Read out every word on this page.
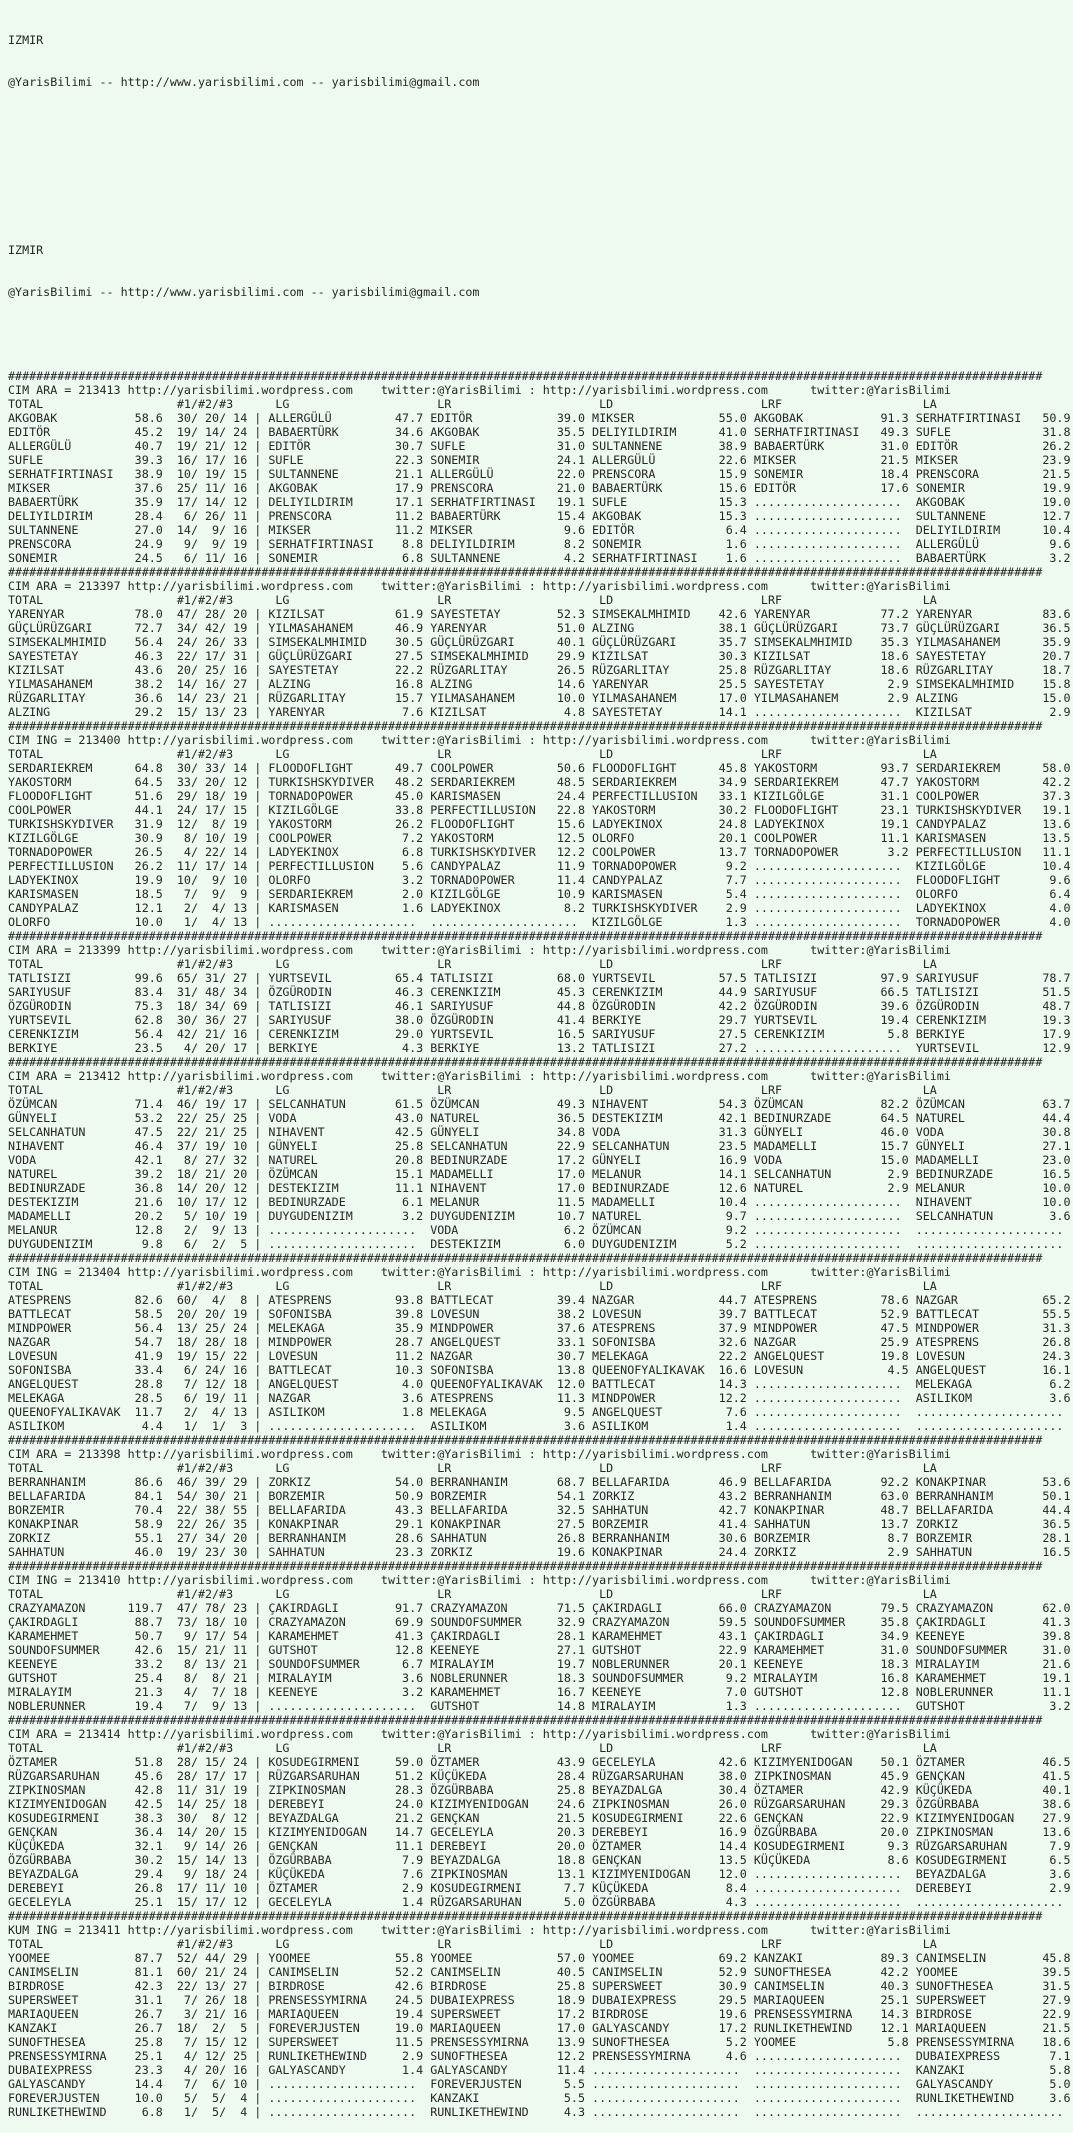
IZMIR

@YarisBilimi -- http://www.yarisbilimi.com -- yarisbilimi@gmail.com

IZMIR

@YarisBilimi -- http://www.yarisbilimi.com -- yarisbilimi@gmail.com

###################################################################################################################################################
CIM ARA = 213413 http://yarisbilimi.wordpress.com    twitter:@YarisBilimi : http://yarisbilimi.wordpress.com      twitter:@YarisBilimi
TOTAL                   #1/#2/#3      LG                     LR                     LD                     LRF                    LA
AKGOBAK           58.6  30/ 20/ 14 | ALLERGÜLÜ         47.7 EDITÖR            39.0 MIKSER            55.0 AKGOBAK           91.3 SERHATFIRTINASI   50.9
EDITÖR            45.2  19/ 14/ 24 | BABAERTÜRK        34.6 AKGOBAK           35.5 DELIYILDIRIM      41.0 SERHATFIRTINASI   49.3 SUFLE             31.8
ALLERGÜLÜ         40.7  19/ 21/ 12 | EDITÖR            30.7 SUFLE             31.0 SULTANNENE        38.9 BABAERTÜRK        31.0 EDITÖR            26.2
SUFLE             39.3  16/ 17/ 16 | SUFLE             22.3 SONEMIR           24.1 ALLERGÜLÜ         22.6 MIKSER            21.5 MIKSER            23.9
SERHATFIRTINASI   38.9  10/ 19/ 15 | SULTANNENE        21.1 ALLERGÜLÜ         22.0 PRENSCORA         15.9 SONEMIR           18.4 PRENSCORA         21.5
MIKSER            37.6  25/ 11/ 16 | AKGOBAK           17.9 PRENSCORA         21.0 BABAERTÜRK        15.6 EDITÖR            17.6 SONEMIR           19.9
BABAERTÜRK        35.9  17/ 14/ 12 | DELIYILDIRIM      17.1 SERHATFIRTINASI   19.1 SUFLE             15.3 .....................  AKGOBAK           19.0
DELIYILDIRIM      28.4   6/ 26/ 11 | PRENSCORA         11.2 BABAERTÜRK        15.4 AKGOBAK           15.3 .....................  SULTANNENE        12.7
SULTANNENE        27.0  14/  9/ 16 | MIKSER            11.2 MIKSER             9.6 EDITÖR             6.4 .....................  DELIYILDIRIM      10.4
PRENSCORA         24.9   9/  9/ 19 | SERHATFIRTINASI    8.8 DELIYILDIRIM       8.2 SONEMIR            1.6 .....................  ALLERGÜLÜ          9.6
SONEMIR           24.5   6/ 11/ 16 | SONEMIR            6.8 SULTANNENE         4.2 SERHATFIRTINASI    1.6 .....................  BABAERTÜRK         3.2
###################################################################################################################################################
CIM ARA = 213397 http://yarisbilimi.wordpress.com    twitter:@YarisBilimi : http://yarisbilimi.wordpress.com      twitter:@YarisBilimi
TOTAL                   #1/#2/#3      LG                     LR                     LD                     LRF                    LA
YARENYAR          78.0  47/ 28/ 20 | KIZILSAT          61.9 SAYESTETAY        52.3 SIMSEKALMHIMID    42.6 YARENYAR          77.2 YARENYAR          83.6
GÜÇLÜRÜZGARI      72.7  34/ 42/ 19 | YILMASAHANEM      46.9 YARENYAR          51.0 ALZING            38.1 GÜÇLÜRÜZGARI      73.7 GÜÇLÜRÜZGARI      36.5
SIMSEKALMHIMID    56.4  24/ 26/ 33 | SIMSEKALMHIMID    30.5 GÜÇLÜRÜZGARI      40.1 GÜÇLÜRÜZGARI      35.7 SIMSEKALMHIMID    35.3 YILMASAHANEM      35.9
SAYESTETAY        46.3  22/ 17/ 31 | GÜÇLÜRÜZGARI      27.5 SIMSEKALMHIMID    29.9 KIZILSAT          30.3 KIZILSAT          18.6 SAYESTETAY        20.7
KIZILSAT          43.6  20/ 25/ 16 | SAYESTETAY        22.2 RÜZGARLITAY       26.5 RÜZGARLITAY       25.8 RÜZGARLITAY       18.6 RÜZGARLITAY       18.7
YILMASAHANEM      38.2  14/ 16/ 27 | ALZING            16.8 ALZING            14.6 YARENYAR          25.5 SAYESTETAY         2.9 SIMSEKALMHIMID    15.8
RÜZGARLITAY       36.6  14/ 23/ 21 | RÜZGARLITAY       15.7 YILMASAHANEM      10.0 YILMASAHANEM      17.0 YILMASAHANEM       2.9 ALZING            15.0
ALZING            29.2  15/ 13/ 23 | YARENYAR           7.6 KIZILSAT           4.8 SAYESTETAY        14.1 .....................  KIZILSAT           2.9
###################################################################################################################################################
CIM ING = 213400 http://yarisbilimi.wordpress.com    twitter:@YarisBilimi : http://yarisbilimi.wordpress.com      twitter:@YarisBilimi
TOTAL                   #1/#2/#3      LG                     LR                     LD                     LRF                    LA
SERDARIEKREM      64.8  30/ 33/ 14 | FLOODOFLIGHT      49.7 COOLPOWER         50.6 FLOODOFLIGHT      45.8 YAKOSTORM         93.7 SERDARIEKREM      58.0
YAKOSTORM         64.5  33/ 20/ 12 | TURKISHSKYDIVER   48.2 SERDARIEKREM      48.5 SERDARIEKREM      34.9 SERDARIEKREM      47.7 YAKOSTORM         42.2
FLOODOFLIGHT      51.6  29/ 18/ 19 | TORNADOPOWER      45.0 KARISMASEN        24.4 PERFECTILLUSION   33.1 KIZILGÖLGE        31.1 COOLPOWER         37.3
COOLPOWER         44.1  24/ 17/ 15 | KIZILGÖLGE        33.8 PERFECTILLUSION   22.8 YAKOSTORM         30.2 FLOODOFLIGHT      23.1 TURKISHSKYDIVER   19.1
TURKISHSKYDIVER   31.9  12/  8/ 19 | YAKOSTORM         26.2 FLOODOFLIGHT      15.6 LADYEKINOX        24.8 LADYEKINOX        19.1 CANDYPALAZ        13.6
KIZILGÖLGE        30.9   8/ 10/ 19 | COOLPOWER          7.2 YAKOSTORM         12.5 OLORFO            20.1 COOLPOWER         11.1 KARISMASEN        13.5
TORNADOPOWER      26.5   4/ 22/ 14 | LADYEKINOX         6.8 TURKISHSKYDIVER   12.2 COOLPOWER         13.7 TORNADOPOWER       3.2 PERFECTILLUSION   11.1
PERFECTILLUSION   26.2  11/ 17/ 14 | PERFECTILLUSION    5.6 CANDYPALAZ        11.9 TORNADOPOWER       9.2 .....................  KIZILGÖLGE        10.4
LADYEKINOX        19.9  10/  9/ 10 | OLORFO             3.2 TORNADOPOWER      11.4 CANDYPALAZ         7.7 .....................  FLOODOFLIGHT       9.6
KARISMASEN        18.5   7/  9/  9 | SERDARIEKREM       2.0 KIZILGÖLGE        10.9 KARISMASEN         5.4 .....................  OLORFO             6.4
CANDYPALAZ        12.1   2/  4/ 13 | KARISMASEN         1.6 LADYEKINOX         8.2 TURKISHSKYDIVER    2.9 .....................  LADYEKINOX         4.0
OLORFO            10.0   1/  4/ 13 | .....................  .....................  KIZILGÖLGE         1.3 .....................  TORNADOPOWER       4.0
###################################################################################################################################################
CIM ARA = 213399 http://yarisbilimi.wordpress.com    twitter:@YarisBilimi : http://yarisbilimi.wordpress.com      twitter:@YarisBilimi
TOTAL                   #1/#2/#3      LG                     LR                     LD                     LRF                    LA
TATLISIZI         99.6  65/ 31/ 27 | YURTSEVIL         65.4 TATLISIZI         68.0 YURTSEVIL         57.5 TATLISIZI         97.9 SARIYUSUF         78.7
SARIYUSUF         83.4  31/ 48/ 34 | ÖZGÜRODIN         46.3 CERENKIZIM        45.3 CERENKIZIM        44.9 SARIYUSUF         66.5 TATLISIZI         51.5
ÖZGÜRODIN         75.3  18/ 34/ 69 | TATLISIZI         46.1 SARIYUSUF         44.8 ÖZGÜRODIN         42.2 ÖZGÜRODIN         39.6 ÖZGÜRODIN         48.7
YURTSEVIL         62.8  30/ 36/ 27 | SARIYUSUF         38.0 ÖZGÜRODIN         41.4 BERKIYE           29.7 YURTSEVIL         19.4 CERENKIZIM        19.3
CERENKIZIM        56.4  42/ 21/ 16 | CERENKIZIM        29.0 YURTSEVIL         16.5 SARIYUSUF         27.5 CERENKIZIM         5.8 BERKIYE           17.9
BERKIYE           23.5   4/ 20/ 17 | BERKIYE            4.3 BERKIYE           13.2 TATLISIZI         27.2 .....................  YURTSEVIL         12.9
###################################################################################################################################################
CIM ARA = 213412 http://yarisbilimi.wordpress.com    twitter:@YarisBilimi : http://yarisbilimi.wordpress.com      twitter:@YarisBilimi
TOTAL                   #1/#2/#3      LG                     LR                     LD                     LRF                    LA
ÖZÜMCAN           71.4  46/ 19/ 17 | SELCANHATUN       61.5 ÖZÜMCAN           49.3 NIHAVENT          54.3 ÖZÜMCAN           82.2 ÖZÜMCAN           63.7
GÜNYELI           53.2  22/ 25/ 25 | VODA              43.0 NATUREL           36.5 DESTEKIZIM        42.1 BEDINURZADE       64.5 NATUREL           44.4
SELCANHATUN       47.5  22/ 21/ 25 | NIHAVENT          42.5 GÜNYELI           34.8 VODA              31.3 GÜNYELI           46.0 VODA              30.8
NIHAVENT          46.4  37/ 19/ 10 | GÜNYELI           25.8 SELCANHATUN       22.9 SELCANHATUN       23.5 MADAMELLI         15.7 GÜNYELI           27.1
VODA              42.1   8/ 27/ 32 | NATUREL           20.8 BEDINURZADE       17.2 GÜNYELI           16.9 VODA              15.0 MADAMELLI         23.0
NATUREL           39.2  18/ 21/ 20 | ÖZÜMCAN           15.1 MADAMELLI         17.0 MELANUR           14.1 SELCANHATUN        2.9 BEDINURZADE       16.5
BEDINURZADE       36.8  14/ 20/ 12 | DESTEKIZIM        11.1 NIHAVENT          17.0 BEDINURZADE       12.6 NATUREL            2.9 MELANUR           10.0
DESTEKIZIM        21.6  10/ 17/ 12 | BEDINURZADE        6.1 MELANUR           11.5 MADAMELLI         10.4 .....................  NIHAVENT          10.0
MADAMELLI         20.2   5/ 10/ 19 | DUYGUDENIZIM       3.2 DUYGUDENIZIM      10.7 NATUREL            9.7 .....................  SELCANHATUN        3.6
MELANUR           12.8   2/  9/ 13 | .....................  VODA               6.2 ÖZÜMCAN            9.2 .....................  .....................
DUYGUDENIZIM       9.8   6/  2/  5 | .....................  DESTEKIZIM         6.0 DUYGUDENIZIM       5.2 .....................  .....................
###################################################################################################################################################
CIM ING = 213404 http://yarisbilimi.wordpress.com    twitter:@YarisBilimi : http://yarisbilimi.wordpress.com      twitter:@YarisBilimi
TOTAL                   #1/#2/#3      LG                     LR                     LD                     LRF                    LA
ATESPRENS         82.6  60/  4/  8 | ATESPRENS         93.8 BATTLECAT         39.4 NAZGAR            44.7 ATESPRENS         78.6 NAZGAR            65.2
BATTLECAT         58.5  20/ 20/ 19 | SOFONISBA         39.8 LOVESUN           38.2 LOVESUN           39.7 BATTLECAT         52.9 BATTLECAT         55.5
MINDPOWER         56.4  13/ 25/ 24 | MELEKAGA          35.9 MINDPOWER         37.6 ATESPRENS         37.9 MINDPOWER         47.5 MINDPOWER         31.3
NAZGAR            54.7  18/ 28/ 18 | MINDPOWER         28.7 ANGELQUEST        33.1 SOFONISBA         32.6 NAZGAR            25.9 ATESPRENS         26.8
LOVESUN           41.9  19/ 15/ 22 | LOVESUN           11.2 NAZGAR            30.7 MELEKAGA          22.2 ANGELQUEST        19.8 LOVESUN           24.3
SOFONISBA         33.4   6/ 24/ 16 | BATTLECAT         10.3 SOFONISBA         13.8 QUEENOFYALIKAVAK  16.6 LOVESUN            4.5 ANGELQUEST        16.1
ANGELQUEST        28.8   7/ 12/ 18 | ANGELQUEST         4.0 QUEENOFYALIKAVAK  12.0 BATTLECAT         14.3 .....................  MELEKAGA           6.2
MELEKAGA          28.5   6/ 19/ 11 | NAZGAR             3.6 ATESPRENS         11.3 MINDPOWER         12.2 .....................  ASILIKOM           3.6
QUEENOFYALIKAVAK  11.7   2/  4/ 13 | ASILIKOM           1.8 MELEKAGA           9.5 ANGELQUEST         7.6 .....................  .....................
ASILIKOM           4.4   1/  1/  3 | .....................  ASILIKOM           3.6 ASILIKOM           1.4 .....................  .....................
###################################################################################################################################################
CIM ARA = 213398 http://yarisbilimi.wordpress.com    twitter:@YarisBilimi : http://yarisbilimi.wordpress.com      twitter:@YarisBilimi
TOTAL                   #1/#2/#3      LG                     LR                     LD                     LRF                    LA
BERRANHANIM       86.6  46/ 39/ 29 | ZORKIZ            54.0 BERRANHANIM       68.7 BELLAFARIDA       46.9 BELLAFARIDA       92.2 KONAKPINAR        53.6
BELLAFARIDA       84.1  54/ 30/ 21 | BORZEMIR          50.9 BORZEMIR          54.1 ZORKIZ            43.2 BERRANHANIM       63.0 BERRANHANIM       50.1
BORZEMIR          70.4  22/ 38/ 55 | BELLAFARIDA       43.3 BELLAFARIDA       32.5 SAHHATUN          42.7 KONAKPINAR        48.7 BELLAFARIDA       44.4
KONAKPINAR        58.9  22/ 26/ 35 | KONAKPINAR        29.1 KONAKPINAR        27.5 BORZEMIR          41.4 SAHHATUN          13.7 ZORKIZ            36.5
ZORKIZ            55.1  27/ 34/ 20 | BERRANHANIM       28.6 SAHHATUN          26.8 BERRANHANIM       30.6 BORZEMIR           8.7 BORZEMIR          28.1
SAHHATUN          46.0  19/ 23/ 30 | SAHHATUN          23.3 ZORKIZ            19.6 KONAKPINAR        24.4 ZORKIZ             2.9 SAHHATUN          16.5
###################################################################################################################################################
CIM ING = 213410 http://yarisbilimi.wordpress.com    twitter:@YarisBilimi : http://yarisbilimi.wordpress.com      twitter:@YarisBilimi
TOTAL                   #1/#2/#3      LG                     LR                     LD                     LRF                    LA
CRAZYAMAZON      119.7  47/ 78/ 23 | ÇAKIRDAGLI        91.7 CRAZYAMAZON       71.5 ÇAKIRDAGLI        66.0 CRAZYAMAZON       79.5 CRAZYAMAZON       62.0
ÇAKIRDAGLI        88.7  73/ 18/ 10 | CRAZYAMAZON       69.9 SOUNDOFSUMMER     32.9 CRAZYAMAZON       59.5 SOUNDOFSUMMER     35.8 ÇAKIRDAGLI        41.3
KARAMEHMET        50.7   9/ 17/ 54 | KARAMEHMET        41.3 ÇAKIRDAGLI        28.1 KARAMEHMET        43.1 ÇAKIRDAGLI        34.9 KEENEYE           39.8
SOUNDOFSUMMER     42.6  15/ 21/ 11 | GUTSHOT           12.8 KEENEYE           27.1 GUTSHOT           22.9 KARAMEHMET        31.0 SOUNDOFSUMMER     31.0
KEENEYE           33.2   8/ 13/ 21 | SOUNDOFSUMMER      6.7 MIRALAYIM         19.7 NOBLERUNNER       20.1 KEENEYE           18.3 MIRALAYIM         21.6
GUTSHOT           25.4   8/  8/ 21 | MIRALAYIM          3.6 NOBLERUNNER       18.3 SOUNDOFSUMMER      9.2 MIRALAYIM         16.8 KARAMEHMET        19.1
MIRALAYIM         21.3   4/  7/ 18 | KEENEYE            3.2 KARAMEHMET        16.7 KEENEYE            7.0 GUTSHOT           12.8 NOBLERUNNER       11.1
NOBLERUNNER       19.4   7/  9/ 13 | .....................  GUTSHOT           14.8 MIRALAYIM          1.3 .....................  GUTSHOT            3.2
###################################################################################################################################################
CIM ARA = 213414 http://yarisbilimi.wordpress.com    twitter:@YarisBilimi : http://yarisbilimi.wordpress.com      twitter:@YarisBilimi
TOTAL                   #1/#2/#3      LG                     LR                     LD                     LRF                    LA
ÖZTAMER           51.8  28/ 15/ 24 | KOSUDEGIRMENI     59.0 ÖZTAMER           43.9 GECELEYLA         42.6 KIZIMYENIDOGAN    50.1 ÖZTAMER           46.5
RÜZGARSARUHAN     45.6  28/ 17/ 17 | RÜZGARSARUHAN     51.2 KÜÇÜKEDA          28.4 RÜZGARSARUHAN     38.0 ZIPKINOSMAN       45.9 GENÇKAN           41.5
ZIPKINOSMAN       42.8  11/ 31/ 19 | ZIPKINOSMAN       28.3 ÖZGÜRBABA         25.8 BEYAZDALGA        30.4 ÖZTAMER           42.9 KÜÇÜKEDA          40.1
KIZIMYENIDOGAN    42.5  14/ 25/ 18 | DEREBEYI          24.0 KIZIMYENIDOGAN    24.6 ZIPKINOSMAN       26.0 RÜZGARSARUHAN     29.3 ÖZGÜRBABA         38.6
KOSUDEGIRMENI     38.3  30/  8/ 12 | BEYAZDALGA        21.2 GENÇKAN           21.5 KOSUDEGIRMENI     22.6 GENÇKAN           22.9 KIZIMYENIDOGAN    27.9
GENÇKAN           36.4  14/ 20/ 15 | KIZIMYENIDOGAN    14.7 GECELEYLA         20.3 DEREBEYI          16.9 ÖZGÜRBABA         20.0 ZIPKINOSMAN       13.6
KÜÇÜKEDA          32.1   9/ 14/ 26 | GENÇKAN           11.1 DEREBEYI          20.0 ÖZTAMER           14.4 KOSUDEGIRMENI      9.3 RÜZGARSARUHAN      7.9
ÖZGÜRBABA         30.2  15/ 14/ 13 | ÖZGÜRBABA          7.9 BEYAZDALGA        18.8 GENÇKAN           13.5 KÜÇÜKEDA           8.6 KOSUDEGIRMENI      6.5
BEYAZDALGA        29.4   9/ 18/ 24 | KÜÇÜKEDA           7.6 ZIPKINOSMAN       13.1 KIZIMYENIDOGAN    12.0 .....................  BEYAZDALGA         3.6
DEREBEYI          26.8  17/ 11/ 10 | ÖZTAMER            2.9 KOSUDEGIRMENI      7.7 KÜÇÜKEDA           8.4 .....................  DEREBEYI           2.9
GECELEYLA         25.1  15/ 17/ 12 | GECELEYLA          1.4 RÜZGARSARUHAN      5.0 ÖZGÜRBABA          4.3 .....................  .....................
###################################################################################################################################################
KUM ING = 213411 http://yarisbilimi.wordpress.com    twitter:@YarisBilimi : http://yarisbilimi.wordpress.com      twitter:@YarisBilimi
TOTAL                   #1/#2/#3      LG                     LR                     LD                     LRF                    LA
YOOMEE            87.7  52/ 44/ 29 | YOOMEE            55.8 YOOMEE            57.0 YOOMEE            69.2 KANZAKI           89.3 CANIMSELIN        45.8
CANIMSELIN        81.1  60/ 21/ 24 | CANIMSELIN        52.2 CANIMSELIN        40.5 CANIMSELIN        52.9 SUNOFTHESEA       42.2 YOOMEE            39.5
BIRDROSE          42.3  22/ 13/ 27 | BIRDROSE          42.6 BIRDROSE          25.8 SUPERSWEET        30.9 CANIMSELIN        40.3 SUNOFTHESEA       31.5
SUPERSWEET        31.1   7/ 26/ 18 | PRENSESSYMIRNA    24.5 DUBAIEXPRESS      18.9 DUBAIEXPRESS      29.5 MARIAQUEEN        25.1 SUPERSWEET        27.9
MARIAQUEEN        26.7   3/ 21/ 16 | MARIAQUEEN        19.4 SUPERSWEET        17.2 BIRDROSE          19.6 PRENSESSYMIRNA    14.3 BIRDROSE          22.9
KANZAKI           26.7  18/  2/  5 | FOREVERJUSTEN     19.0 MARIAQUEEN        17.0 GALYASCANDY       17.2 RUNLIKETHEWIND    12.1 MARIAQUEEN        21.5
SUNOFTHESEA       25.8   7/ 15/ 12 | SUPERSWEET        11.5 PRENSESSYMIRNA    13.9 SUNOFTHESEA        5.2 YOOMEE             5.8 PRENSESSYMIRNA    18.6
PRENSESSYMIRNA    25.1   4/ 12/ 25 | RUNLIKETHEWIND     2.9 SUNOFTHESEA       12.2 PRENSESSYMIRNA     4.6 .....................  DUBAIEXPRESS       7.1
DUBAIEXPRESS      23.3   4/ 20/ 16 | GALYASCANDY        1.4 GALYASCANDY       11.4 .....................  .....................  KANZAKI            5.8
GALYASCANDY       14.4   7/  6/ 10 | .....................  FOREVERJUSTEN      5.5 .....................  .....................  GALYASCANDY        5.0
FOREVERJUSTEN     10.0   5/  5/  4 | .....................  KANZAKI            5.5 .....................  .....................  RUNLIKETHEWIND     3.6
RUNLIKETHEWIND     6.8   1/  5/  4 | .....................  RUNLIKETHEWIND     4.3 .....................  .....................  .....................
